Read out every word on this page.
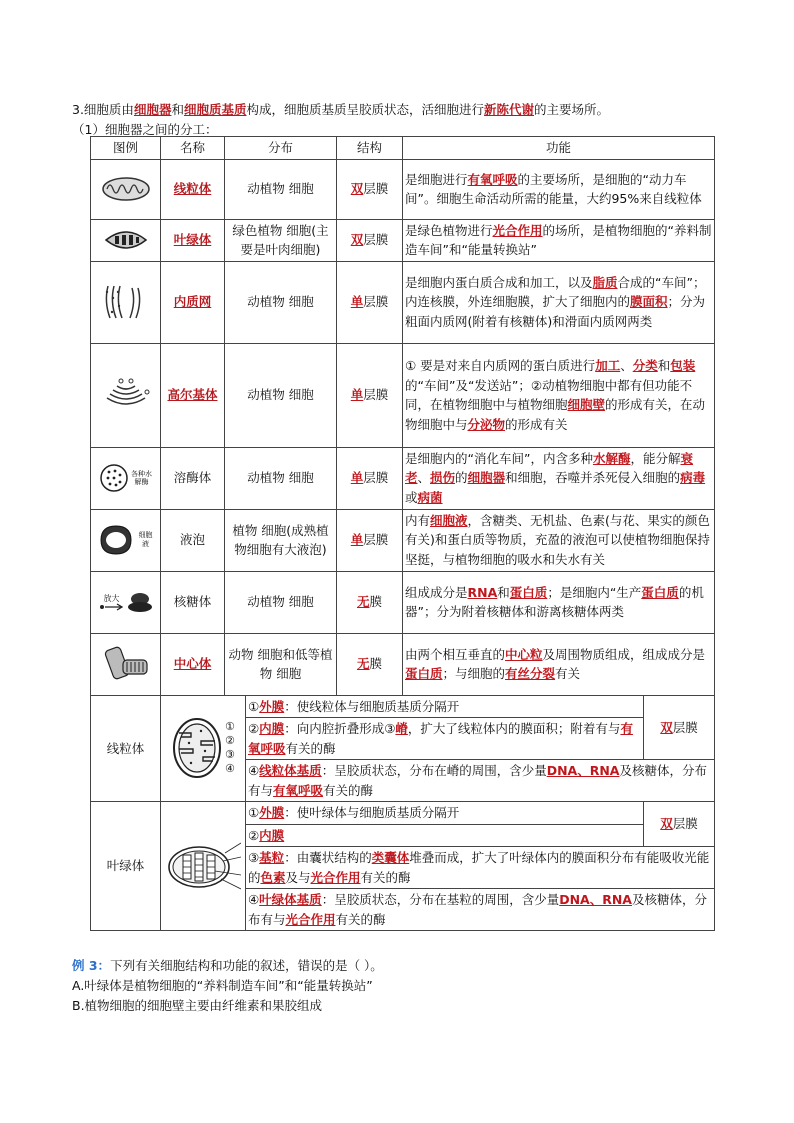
3.细胞质由细胞器和细胞质基质构成，细胞质基质呈胶质状态，活细胞进行新陈代谢的主要场所。
（1）细胞器之间的分工：
图例	名称	分布	结构	功能

	线粒体	动植物 细胞	双层膜	是细胞进行有氧呼吸的主要场所，是细胞的“动力车间”。细胞生命活动所需的能量，大约95%来自线粒体

	叶绿体	绿色植物 细胞(主要是叶肉细胞)	双层膜	是绿色植物进行光合作用的场所，是植物细胞的“养料制造车间”和“能量转换站”

	内质网	动植物 细胞	单层膜	是细胞内蛋白质合成和加工，以及脂质合成的“车间”；内连核膜，外连细胞膜，扩大了细胞内的膜面积；分为粗面内质网(附着有核糖体)和滑面内质网两类

	高尔基体	动植物 细胞	单层膜	① 要是对来自内质网的蛋白质进行加工、分类和包装的“车间”及“发送站”；②动植物细胞中都有但功能不同，在植物细胞中与植物细胞细胞壁的形成有关，在动物细胞中与分泌物的形成有关

各种水解酶	溶酶体	动植物 细胞	单层膜	是细胞内的“消化车间”，内含多种水解酶，能分解衰老、损伤的细胞器和细胞，吞噬并杀死侵入细胞的病毒或病菌

细胞液	液泡	植物 细胞(成熟植物细胞有大液泡)	单层膜	内有细胞液，含糖类、无机盐、色素(与花、果实的颜色有关)和蛋白质等物质，充盈的液泡可以使植物细胞保持坚挺，与植物细胞的吸水和失水有关

放大	核糖体	动植物 细胞	无膜	组成成分是RNA和蛋白质；是细胞内“生产蛋白质的机器”；分为附着核糖体和游离核糖体两类

	中心体	动物 细胞和低等植物 细胞	无膜	由两个相互垂直的中心粒及周围物质组成，组成成分是蛋白质；与细胞的有丝分裂有关
线粒体	
①
②
③
④
	①外膜：使线粒体与细胞质基质分隔开	双层膜
②内膜：向内腔折叠形成③嵴，扩大了线粒体内的膜面积；附着有与有氧呼吸有关的酶
④线粒体基质：呈胶质状态，分布在嵴的周围，含少量DNA、RNA及核糖体，分布有与有氧呼吸有关的酶

叶绿体	
	①外膜：使叶绿体与细胞质基质分隔开	双层膜
②内膜
③基粒：由囊状结构的类囊体堆叠而成，扩大了叶绿体内的膜面积分布有能吸收光能的色素及与光合作用有关的酶
④叶绿体基质：呈胶质状态，分布在基粒的周围，含少量DNA、RNA及核糖体，分布有与光合作用有关的酶
例 3：下列有关细胞结构和功能的叙述，错误的是（ ）。
A.叶绿体是植物细胞的“养料制造车间”和“能量转换站”
B.植物细胞的细胞壁主要由纤维素和果胶组成
